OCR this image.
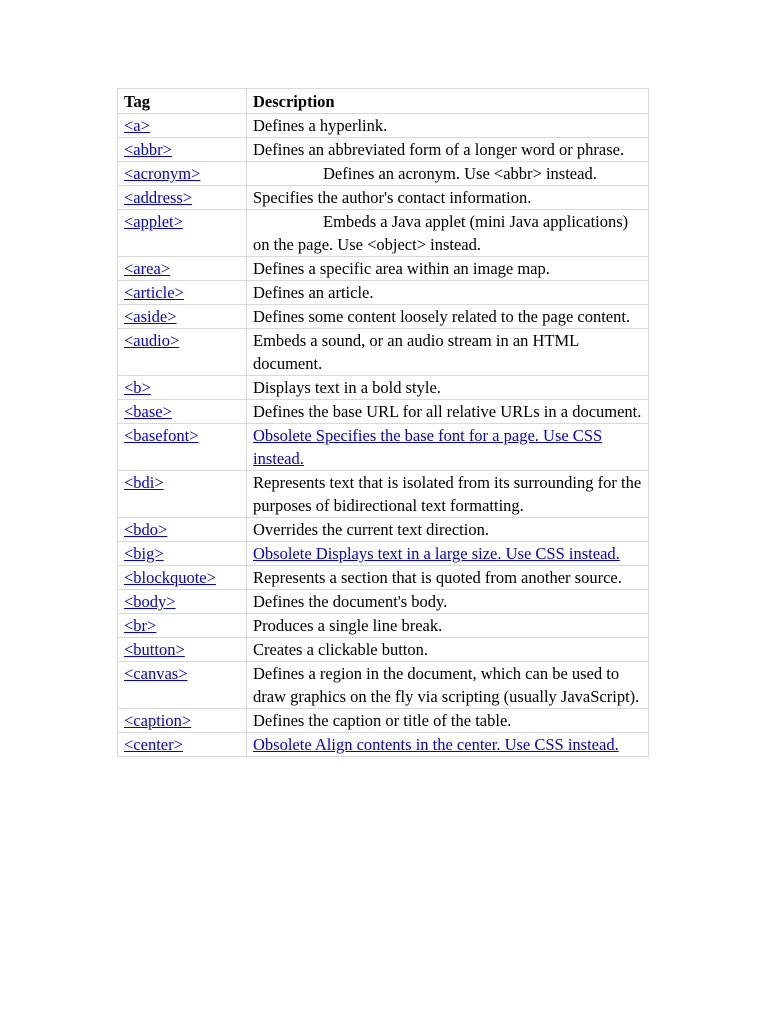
Tag	Description
<a>	Defines a hyperlink.
<abbr>	Defines an abbreviated form of a longer word or phrase.
<acronym>	Defines an acronym. Use <abbr> instead.
<address>	Specifies the author's contact information.
<applet>	Embeds a Java applet (mini Java applications) on the page. Use <object> instead.
<area>	Defines a specific area within an image map.
<article>	Defines an article.
<aside>	Defines some content loosely related to the page content.
<audio>	Embeds a sound, or an audio stream in an HTML document.
<b>	Displays text in a bold style.
<base>	Defines the base URL for all relative URLs in a document.
<basefont>	Obsolete Specifies the base font for a page. Use CSS instead.
<bdi>	Represents text that is isolated from its surrounding for the purposes of bidirectional text formatting.
<bdo>	Overrides the current text direction.
<big>	Obsolete Displays text in a large size. Use CSS instead.
<blockquote>	Represents a section that is quoted from another source.
<body>	Defines the document's body.
<br>	Produces a single line break.
<button>	Creates a clickable button.
<canvas>	Defines a region in the document, which can be used to draw graphics on the fly via scripting (usually JavaScript).
<caption>	Defines the caption or title of the table.
<center>	Obsolete Align contents in the center. Use CSS instead.
